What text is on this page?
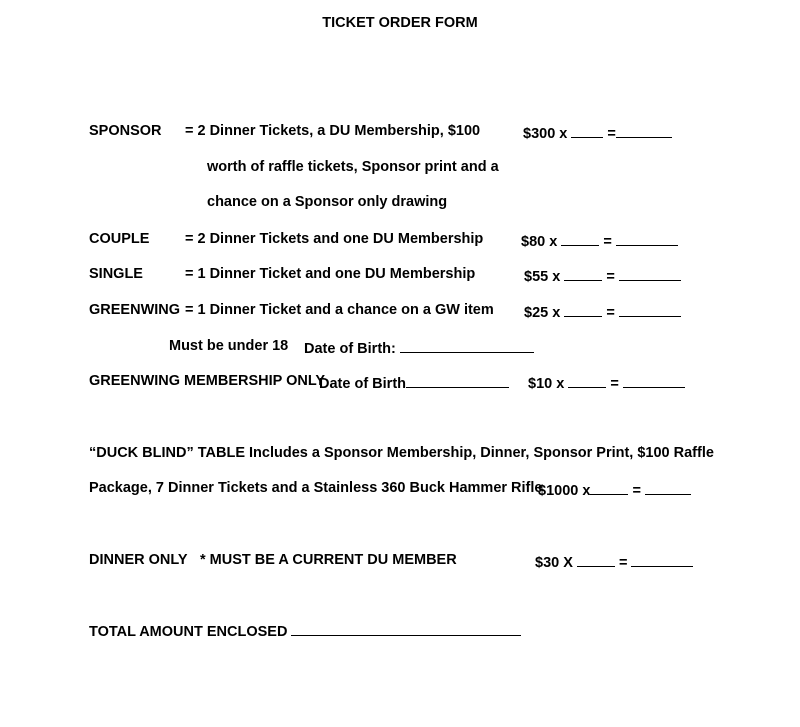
TICKET ORDER FORM
SPONSOR = 2 Dinner Tickets, a DU Membership, $100
worth of raffle tickets, Sponsor print and a
chance on a Sponsor only drawing
$300 x	=
COUPLE = 2 Dinner Tickets and one DU Membership	$80 x	=
SINGLE	= 1 Dinner Ticket and one DU Membership	$55 x	=
GREENWING = 1 Dinner Ticket and a chance on a GW item $25 x	=
Must be under 18 Date of Birth:
GREENWING MEMBERSHIP ONLY
Date of Birth	$10 x	=
“DUCK BLIND” TABLE Includes a Sponsor Membership, Dinner, Sponsor Print, $100 Raffle
Package, 7 Dinner Tickets and a Stainless 360 Buck Hammer Rifle
$1000 x	=
DINNER ONLY * MUST BE A CURRENT DU MEMBER	$30 X	=
TOTAL AMOUNT ENCLOSED
